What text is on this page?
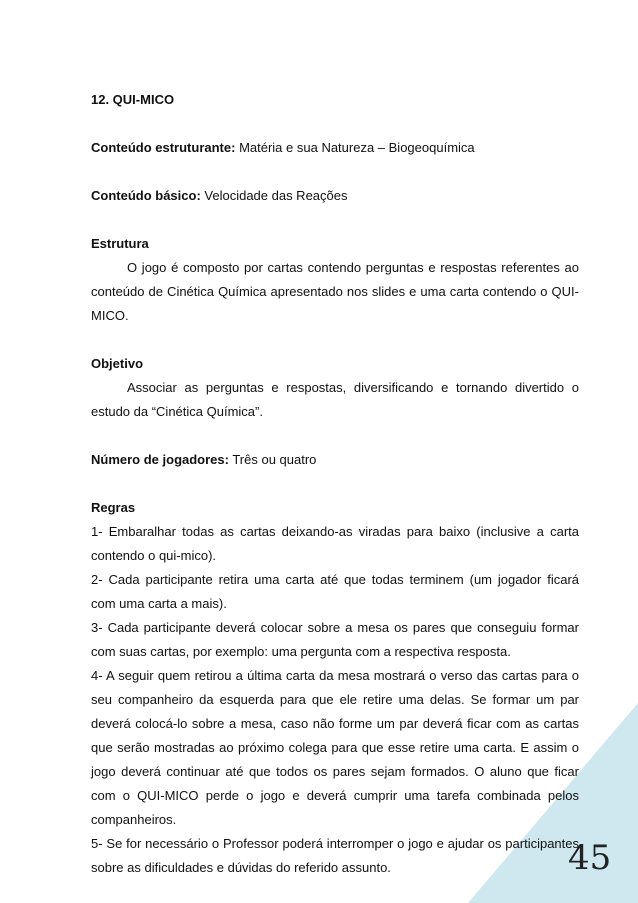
12. QUI-MICO

Conteúdo estruturante: Matéria e sua Natureza – Biogeoquímica

Conteúdo básico: Velocidade das Reações

Estrutura

O jogo é composto por cartas contendo perguntas e respostas referentes ao conteúdo de Cinética Química apresentado nos slides e uma carta contendo o QUI-MICO.

Objetivo

Associar as perguntas e respostas, diversificando e tornando divertido o estudo da “Cinética Química”.

Número de jogadores: Três ou quatro

Regras

1- Embaralhar todas as cartas deixando-as viradas para baixo (inclusive a carta contendo o qui-mico).

2- Cada participante retira uma carta até que todas terminem (um jogador ficará com uma carta a mais).

3- Cada participante deverá colocar sobre a mesa os pares que conseguiu formar com suas cartas, por exemplo: uma pergunta com a respectiva resposta.

4- A seguir quem retirou a última carta da mesa mostrará o verso das cartas para o seu companheiro da esquerda para que ele retire uma delas. Se formar um par deverá colocá-lo sobre a mesa, caso não forme um par deverá ficar com as cartas que serão mostradas ao próximo colega para que esse retire uma carta. E assim o jogo deverá continuar até que todos os pares sejam formados. O aluno que ficar com o QUI-MICO perde o jogo e deverá cumprir uma tarefa combinada pelos companheiros.

5- Se for necessário o Professor poderá interromper o jogo e ajudar os participantes sobre as dificuldades e dúvidas do referido assunto.	45
